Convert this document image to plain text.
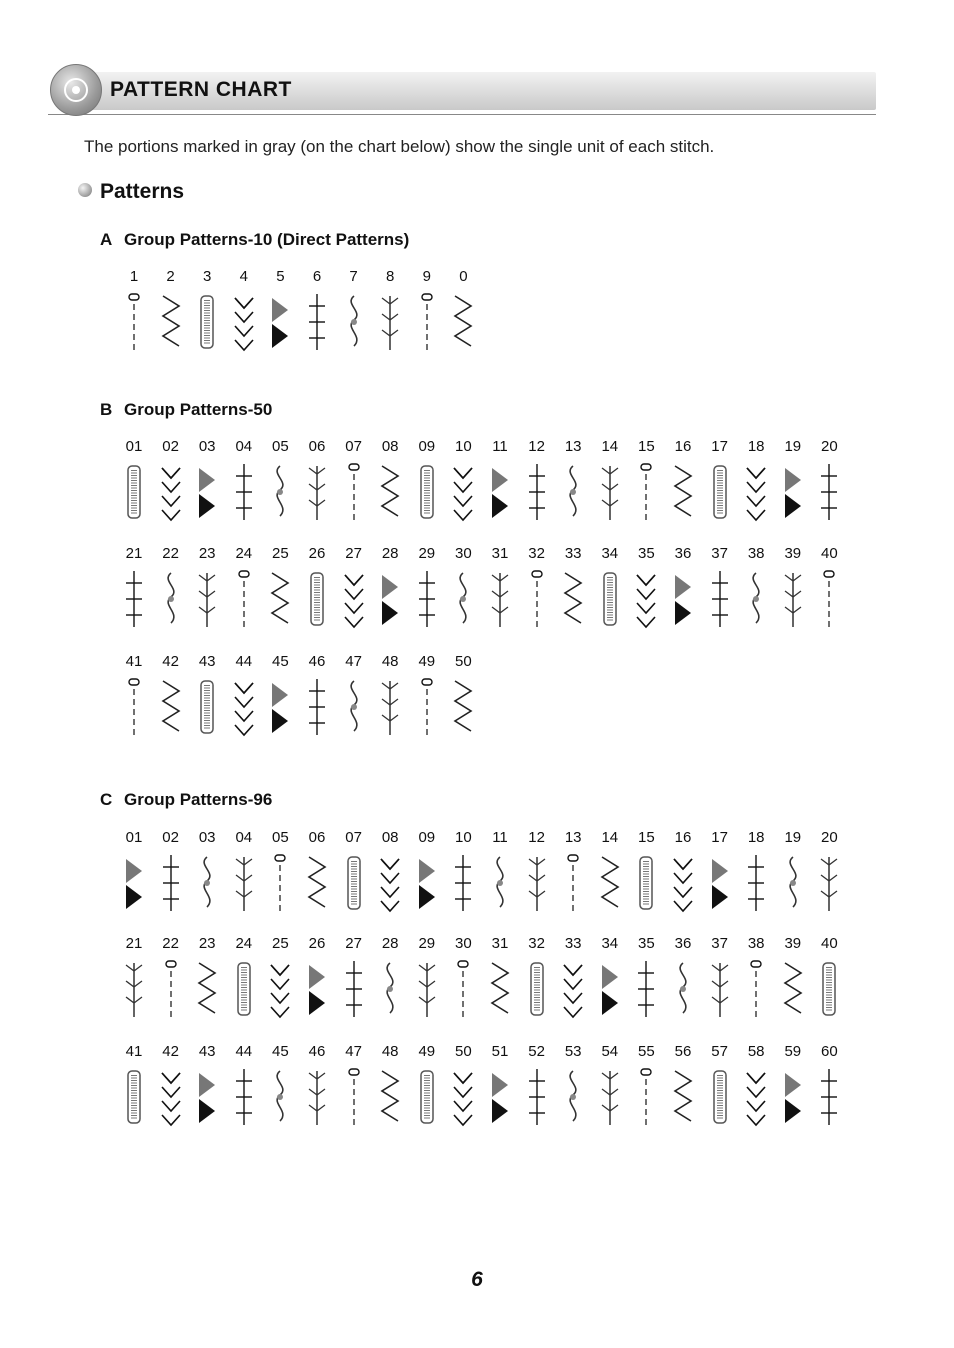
PATTERN CHART
The portions marked in gray (on the chart below) show the single unit of each stitch.
Patterns
A Group Patterns-10 (Direct Patterns)
1	2	3	4	5	6	7	8	9	0
B Group Patterns-50
01	02	03	04	05	06	07	08	09	10	11	12	13	14	15	16	17	18	19	20
21	22	23	24	25	26	27	28	29	30	31	32	33	34	35	36	37	38	39	40
41	42	43	44	45	46	47	48	49	50
C Group Patterns-96
01	02	03	04	05	06	07	08	09	10	11	12	13	14	15	16	17	18	19	20
21	22	23	24	25	26	27	28	29	30	31	32	33	34	35	36	37	38	39	40
41	42	43	44	45	46	47	48	49	50	51	52	53	54	55	56	57	58	59	60
6
